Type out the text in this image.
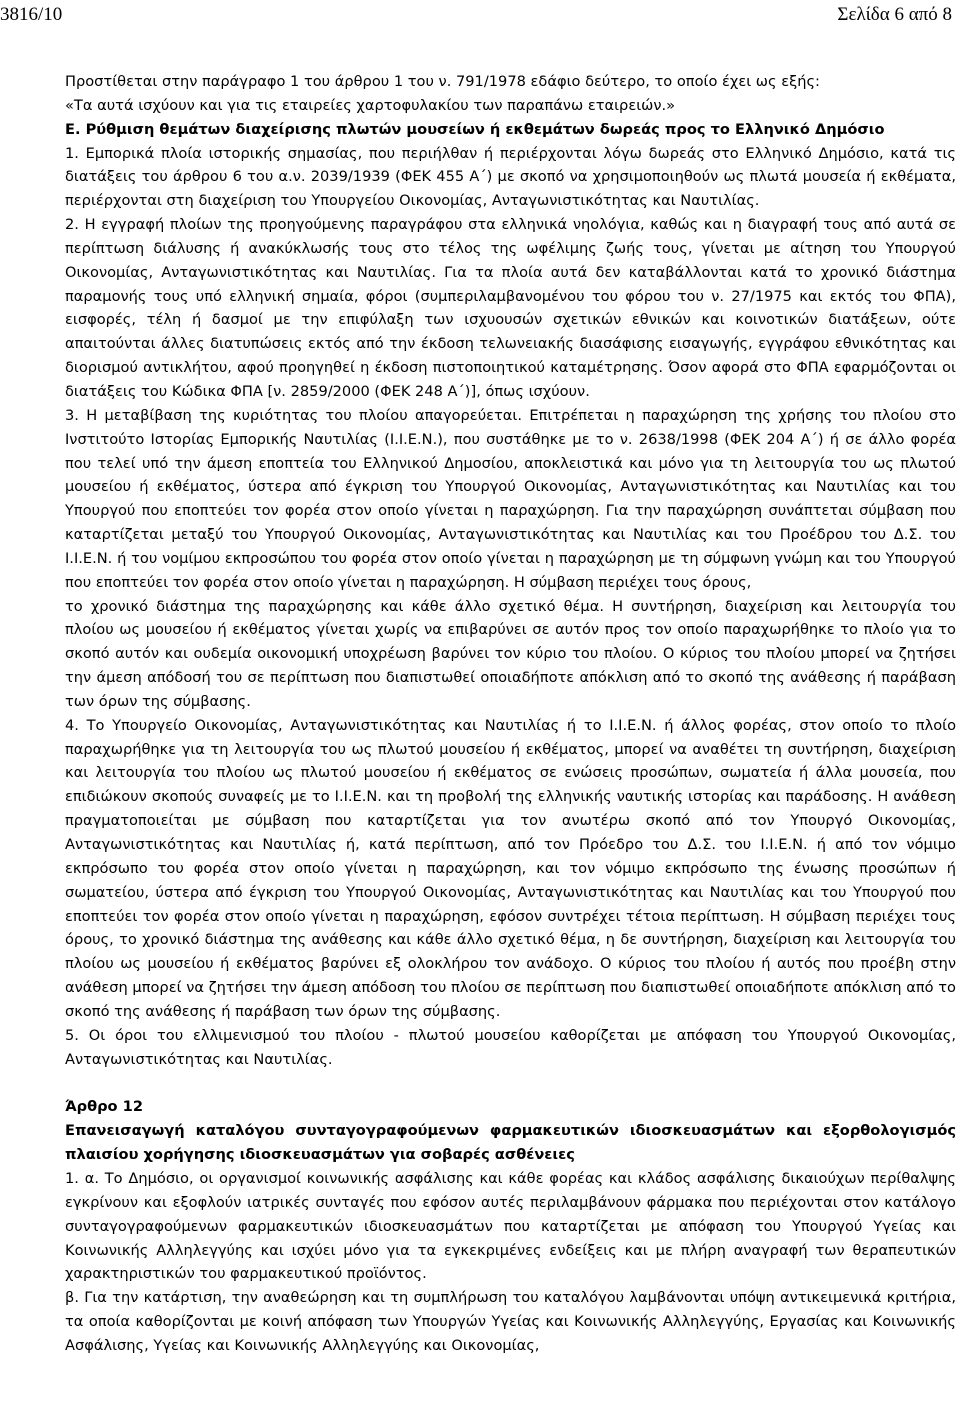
3816/10	Σελίδα 6 από 8

Προστίθεται στην παράγραφο 1 του άρθρου 1 του ν. 791/1978 εδάφιο δεύτερο, το οποίο έχει ως εξής:

«Τα αυτά ισχύουν και για τις εταιρείες χαρτοφυλακίου των παραπάνω εταιρειών.»

Ε. Ρύθμιση θεμάτων διαχείρισης πλωτών μουσείων ή εκθεμάτων δωρεάς προς το Ελληνικό Δημόσιο

1. Εμπορικά πλοία ιστορικής σημασίας, που περιήλθαν ή περιέρχονται λόγω δωρεάς στο Ελληνικό Δημόσιο, κατά τις διατάξεις του άρθρου 6 του α.ν. 2039/1939 (ΦΕΚ 455 Α΄) με σκοπό να χρησιμοποιηθούν ως πλωτά μουσεία ή εκθέματα, περιέρχονται στη διαχείριση του Υπουργείου Οικονομίας, Ανταγωνιστικότητας και Ναυτιλίας.

2. Η εγγραφή πλοίων της προηγούμενης παραγράφου στα ελληνικά νηολόγια, καθώς και η διαγραφή τους από αυτά σε περίπτωση διάλυσης ή ανακύκλωσής τους στο τέλος της ωφέλιμης ζωής τους, γίνεται με αίτηση του Υπουργού Οικονομίας, Ανταγωνιστικότητας και Ναυτιλίας. Για τα πλοία αυτά δεν καταβάλλονται κατά το χρονικό διάστημα παραμονής τους υπό ελληνική σημαία, φόροι (συμπεριλαμβανομένου του φόρου του ν. 27/1975 και εκτός του ΦΠΑ), εισφορές, τέλη ή δασμοί με την επιφύλαξη των ισχυουσών σχετικών εθνικών και κοινοτικών διατάξεων, ούτε απαιτούνται άλλες διατυπώσεις εκτός από την έκδοση τελωνειακής διασάφισης εισαγωγής, εγγράφου εθνικότητας και διορισμού αντικλήτου, αφού προηγηθεί η έκδοση πιστοποιητικού καταμέτρησης. Όσον αφορά στο ΦΠΑ εφαρμόζονται οι διατάξεις του Κώδικα ΦΠΑ [ν. 2859/2000 (ΦΕΚ 248 Α΄)], όπως ισχύουν.

3. Η μεταβίβαση της κυριότητας του πλοίου απαγορεύεται. Επιτρέπεται η παραχώρηση της χρήσης του πλοίου στο Ινστιτούτο Ιστορίας Εμπορικής Ναυτιλίας (Ι.Ι.Ε.Ν.), που συστάθηκε με το ν. 2638/1998 (ΦΕΚ 204 Α΄) ή σε άλλο φορέα που τελεί υπό την άμεση εποπτεία του Ελληνικού Δημοσίου, αποκλειστικά και μόνο για τη λειτουργία του ως πλωτού μουσείου ή εκθέματος, ύστερα από έγκριση του Υπουργού Οικονομίας, Ανταγωνιστικότητας και Ναυτιλίας και του Υπουργού που εποπτεύει τον φορέα στον οποίο γίνεται η παραχώρηση. Για την παραχώρηση συνάπτεται σύμβαση που καταρτίζεται μεταξύ του Υπουργού Οικονομίας, Ανταγωνιστικότητας και Ναυτιλίας και του Προέδρου του Δ.Σ. του Ι.Ι.Ε.Ν. ή του νομίμου εκπροσώπου του φορέα στον οποίο γίνεται η παραχώρηση με τη σύμφωνη γνώμη και του Υπουργού που εποπτεύει τον φορέα στον οποίο γίνεται η παραχώρηση. Η σύμβαση περιέχει τους όρους,

το χρονικό διάστημα της παραχώρησης και κάθε άλλο σχετικό θέμα. Η συντήρηση, διαχείριση και λειτουργία του πλοίου ως μουσείου ή εκθέματος γίνεται χωρίς να επιβαρύνει σε αυτόν προς τον οποίο παραχωρήθηκε το πλοίο για το σκοπό αυτόν και ουδεμία οικονομική υποχρέωση βαρύνει τον κύριο του πλοίου. Ο κύριος του πλοίου μπορεί να ζητήσει την άμεση απόδοσή του σε περίπτωση που διαπιστωθεί οποιαδήποτε απόκλιση από το σκοπό της ανάθεσης ή παράβαση των όρων της σύμβασης.

4. Το Υπουργείο Οικονομίας, Ανταγωνιστικότητας και Ναυτιλίας ή το Ι.Ι.Ε.Ν. ή άλλος φορέας, στον οποίο το πλοίο παραχωρήθηκε για τη λειτουργία του ως πλωτού μουσείου ή εκθέματος, μπορεί να αναθέτει τη συντήρηση, διαχείριση και λειτουργία του πλοίου ως πλωτού μουσείου ή εκθέματος σε ενώσεις προσώπων, σωματεία ή άλλα μουσεία, που επιδιώκουν σκοπούς συναφείς με το Ι.Ι.Ε.Ν. και τη προβολή της ελληνικής ναυτικής ιστορίας και παράδοσης. Η ανάθεση πραγματοποιείται με σύμβαση που καταρτίζεται για τον ανωτέρω σκοπό από τον Υπουργό Οικονομίας, Ανταγωνιστικότητας και Ναυτιλίας ή, κατά περίπτωση, από τον Πρόεδρο του Δ.Σ. του Ι.Ι.Ε.Ν. ή από τον νόμιμο εκπρόσωπο του φορέα στον οποίο γίνεται η παραχώρηση, και τον νόμιμο εκπρόσωπο της ένωσης προσώπων ή σωματείου, ύστερα από έγκριση του Υπουργού Οικονομίας, Ανταγωνιστικότητας και Ναυτιλίας και του Υπουργού που εποπτεύει τον φορέα στον οποίο γίνεται η παραχώρηση, εφόσον συντρέχει τέτοια περίπτωση. Η σύμβαση περιέχει τους όρους, το χρονικό διάστημα της ανάθεσης και κάθε άλλο σχετικό θέμα, η δε συντήρηση, διαχείριση και λειτουργία του πλοίου ως μουσείου ή εκθέματος βαρύνει εξ ολοκλήρου τον ανάδοχο. Ο κύριος του πλοίου ή αυτός που προέβη στην ανάθεση μπορεί να ζητήσει την άμεση απόδοση του πλοίου σε περίπτωση που διαπιστωθεί οποιαδήποτε απόκλιση από το σκοπό της ανάθεσης ή παράβαση των όρων της σύμβασης.

5. Οι όροι του ελλιμενισμού του πλοίου - πλωτού μουσείου καθορίζεται με απόφαση του Υπουργού Οικονομίας, Ανταγωνιστικότητας και Ναυτιλίας.

Άρθρο 12

Επανεισαγωγή καταλόγου συνταγογραφούμενων φαρμακευτικών ιδιοσκευασμάτων και εξορθολογισμός πλαισίου χορήγησης ιδιοσκευασμάτων για σοβαρές ασθένειες

1. α. Το Δημόσιο, οι οργανισμοί κοινωνικής ασφάλισης και κάθε φορέας και κλάδος ασφάλισης δικαιούχων περίθαλψης εγκρίνουν και εξοφλούν ιατρικές συνταγές που εφόσον αυτές περιλαμβάνουν φάρμακα που περιέχονται στον κατάλογο συνταγογραφούμενων φαρμακευτικών ιδιοσκευασμάτων που καταρτίζεται με απόφαση του Υπουργού Υγείας και Κοινωνικής Αλληλεγγύης και ισχύει μόνο για τα εγκεκριμένες ενδείξεις και με πλήρη αναγραφή των θεραπευτικών χαρακτηριστικών του φαρμακευτικού προϊόντος.

β. Για την κατάρτιση, την αναθεώρηση και τη συμπλήρωση του καταλόγου λαμβάνονται υπόψη αντικειμενικά κριτήρια, τα οποία καθορίζονται με κοινή απόφαση των Υπουργών Υγείας και Κοινωνικής Αλληλεγγύης, Εργασίας και Κοινωνικής Ασφάλισης, Υγείας και Κοινωνικής Αλληλεγγύης και Οικονομίας,
